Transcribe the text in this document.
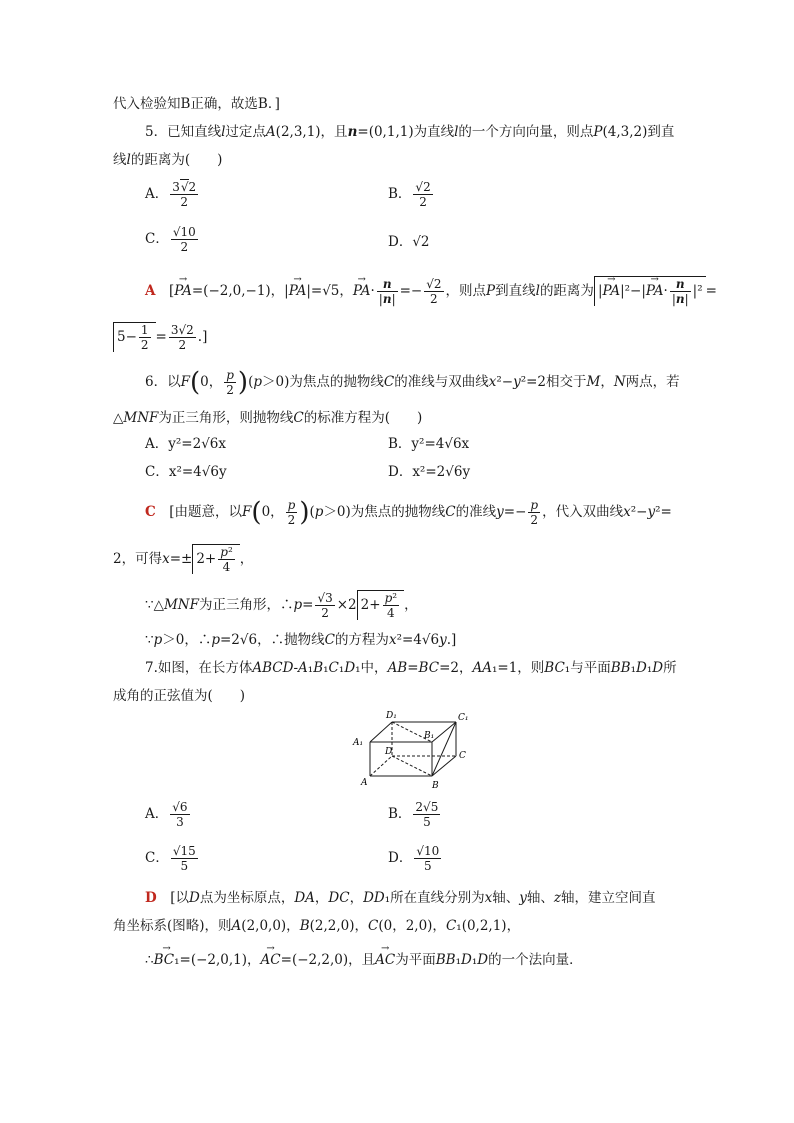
代入检验知B正确，故选B．]
5．已知直线l过定点A(2,3,1)，且n=(0,1,1)为直线l的一个方向向量，则点P(4,3,2)到直
线l的距离为(　　)
A． $\frac{3√2}{2}$	B． $\frac{√2}{2}$
C． $\frac{√10}{2}$	D．√2
A　[→ PA=(−2,0,−1)，|→ PA|=√5，→ $PA\cdot \frac{n}{|n|} =- \frac{√2}{2}$ ，则点P到直线l的距离为 |→ $PA|^2-|\to PA\cdot \frac{n}{|n|} |^2$ =
$5- \frac{1}{2} = \frac{3√2}{2}$ .]
6．以F(0， $\frac{p}{2} )(p>0)$为焦点的抛物线C的准线与双曲线x²−y²=2相交于M，N两点，若
△MNF为正三角形，则抛物线C的标准方程为(　　)
A．y²=2√6x	B．y²=4√6x
C．x²=4√6y	D．x²=2√6y
C　[由题意，以F(0， $\frac{p}{2} )(p>0)$为焦点的抛物线C的准线$y=- \frac{p}{2}$ ，代入双曲线x²−y²=
2，可得$x=\pm 2+ \frac{\text{p²}}{4}$ ，
∵△MNF为正三角形，∴p= $\frac{√3}{2} \times 2$ $2+ \frac{\text{p²}}{4}$ ，
∵p＞0，∴p=2√6，∴抛物线C的方程为x²=4√6y.]
7.如图，在长方体ABCD-A₁B₁C₁D₁中，AB=BC=2，AA₁=1，则BC₁与平面BB₁D₁D所
成角的正弦值为(　　)
D₁	C₁
B₁
A₁
D	C
A	B
A． $\frac{√6}{3}$	B． $\frac{2√5}{5}$
C． $\frac{√15}{5}$	D． $\frac{√10}{5}$
D　[以D点为坐标原点，DA，DC，DD₁所在直线分别为x轴、y轴、z轴，建立空间直
角坐标系(图略)，则A(2,0,0)，B(2,2,0)，C(0，2,0)，C₁(0,2,1)，
∴→ BC₁=(−2,0,1)，→ AC=(−2,2,0)，且→ AC为平面BB₁D₁D的一个法向量．
